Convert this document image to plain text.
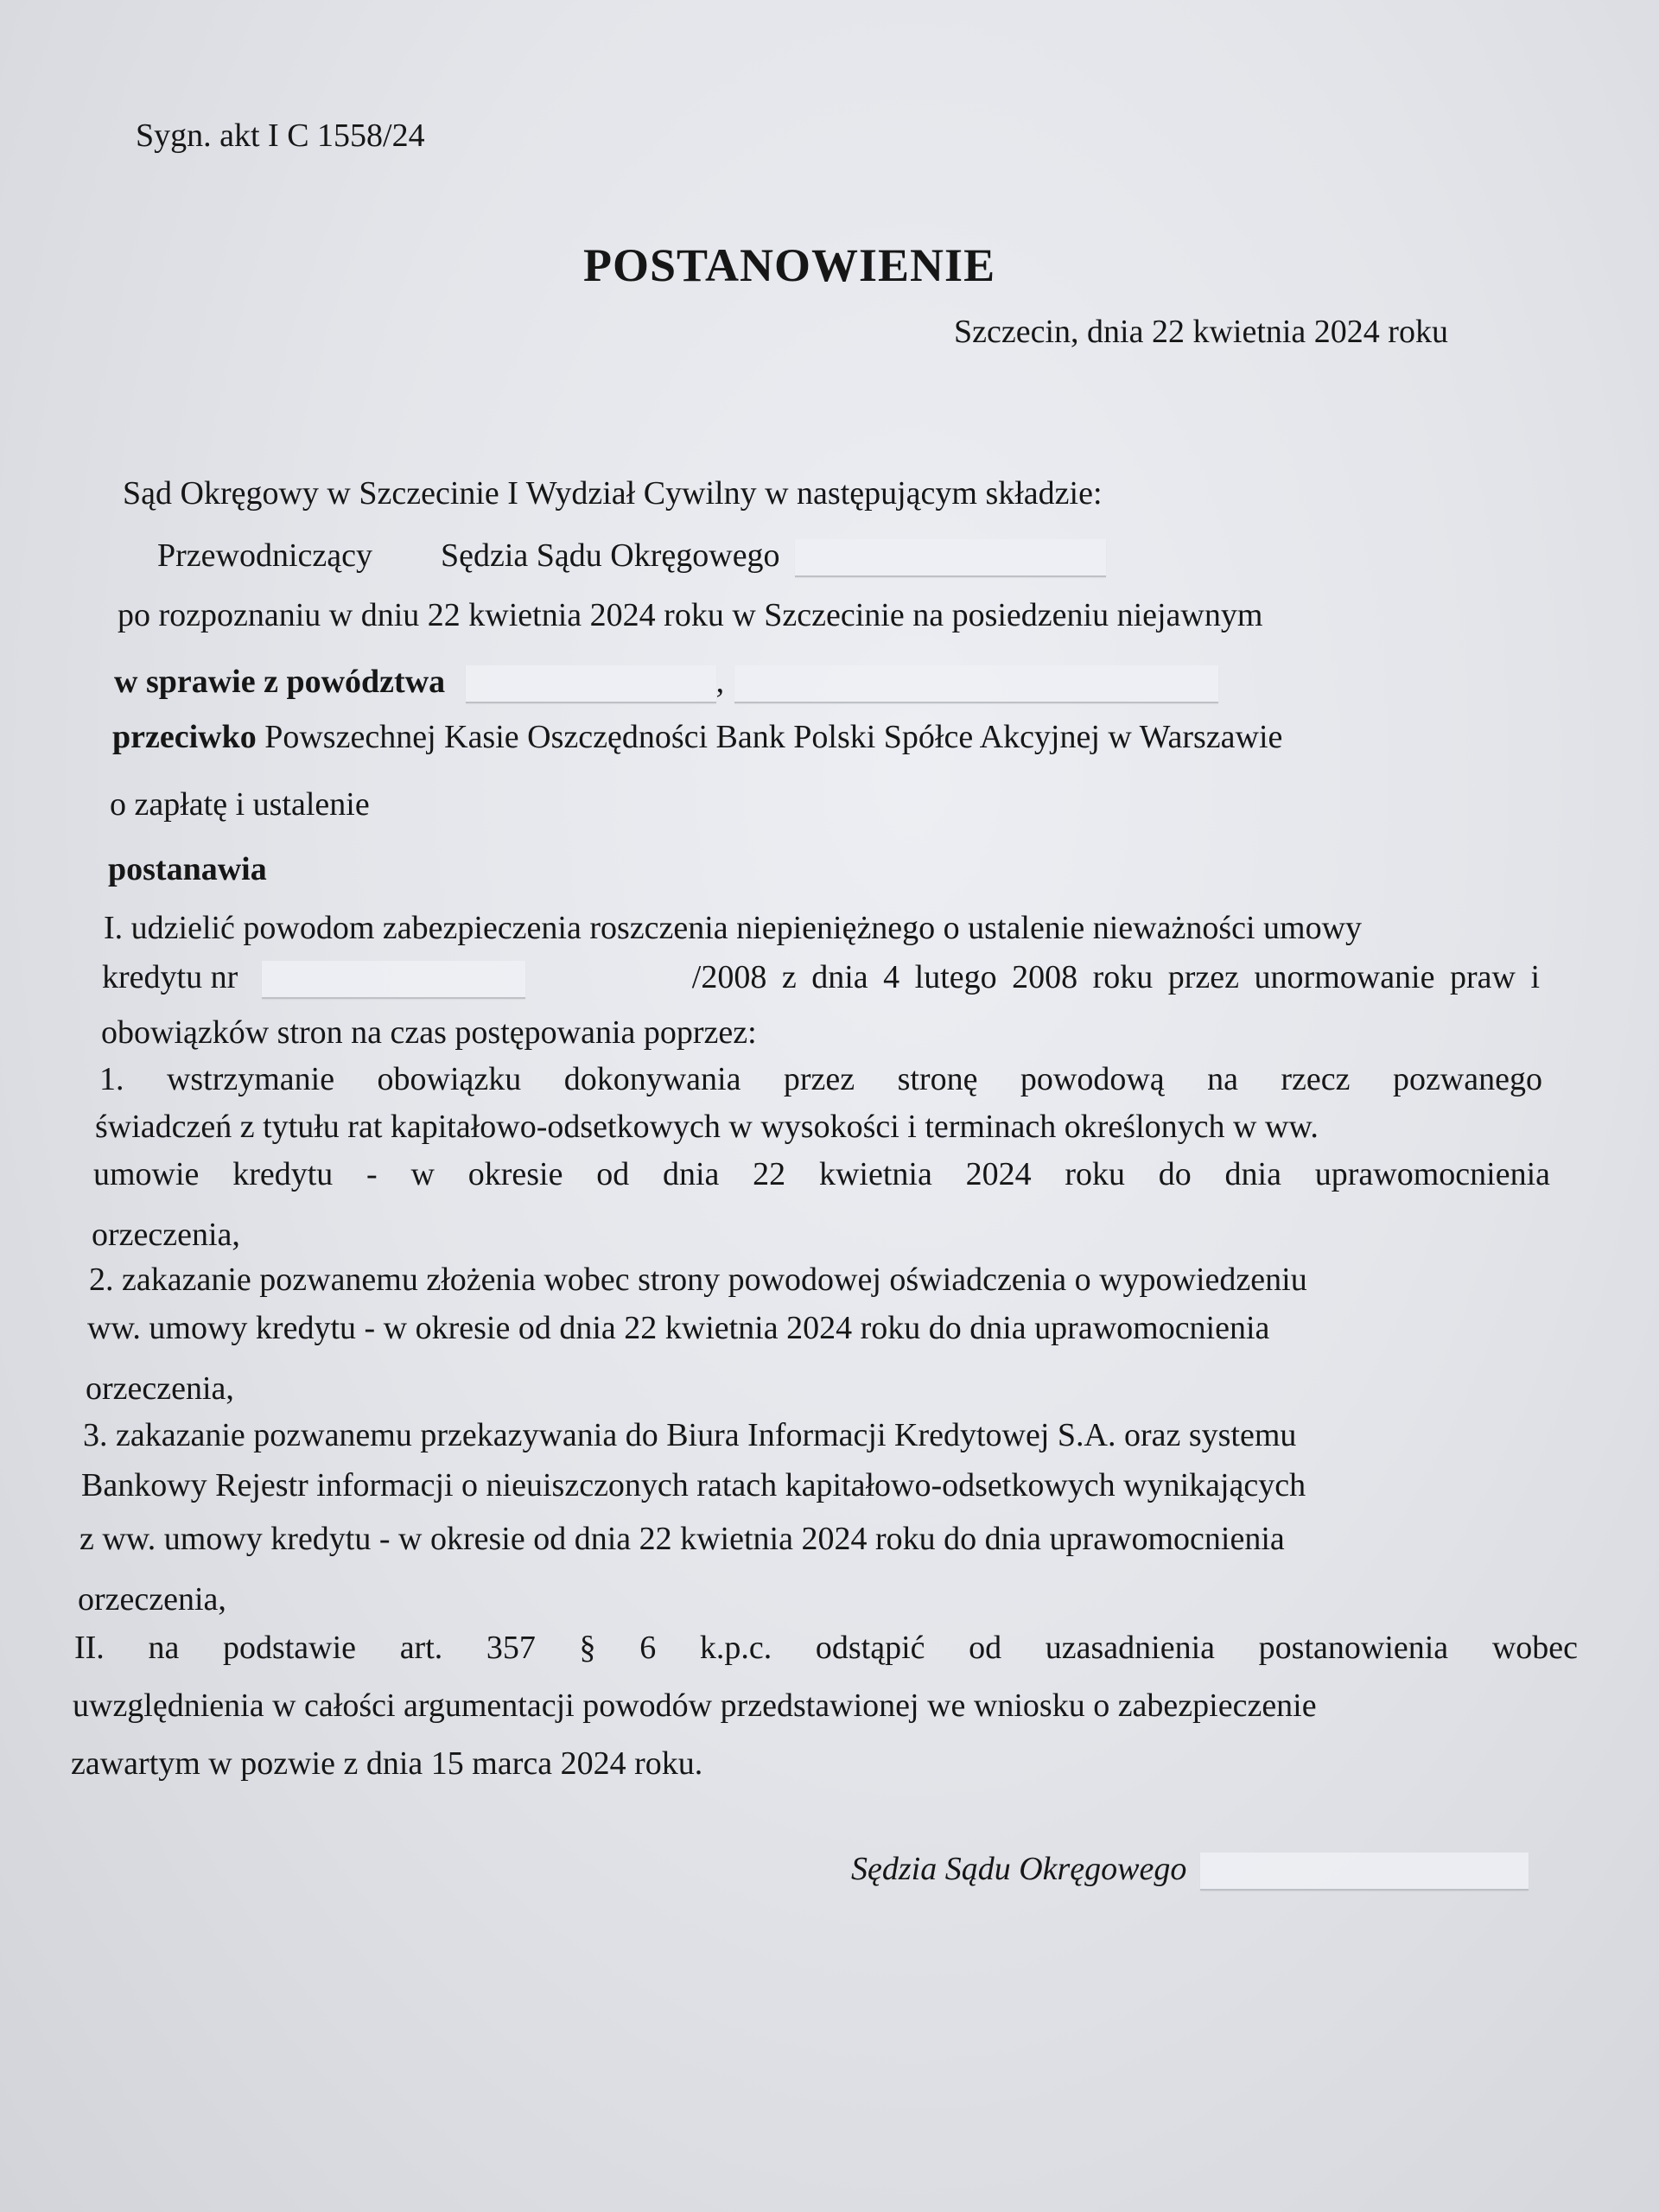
Sygn. akt I C 1558/24
POSTANOWIENIE
Szczecin, dnia 22 kwietnia 2024 roku
Sąd Okręgowy w Szczecinie I Wydział Cywilny w następującym składzie:
Przewodniczący Sędzia Sądu Okręgowego
po rozpoznaniu w dniu 22 kwietnia 2024 roku w Szczecinie na posiedzeniu niejawnym
w sprawie z powództwa	,
przeciwko Powszechnej Kasie Oszczędności Bank Polski Spółce Akcyjnej w Warszawie
o zapłatę i ustalenie
postanawia
I. udzielić powodom zabezpieczenia roszczenia niepieniężnego o ustalenie nieważności umowy
kredytu nr	/2008 z dnia 4 lutego 2008 roku przez unormowanie praw i
obowiązków stron na czas postępowania poprzez:
1. wstrzymanie obowiązku dokonywania przez stronę powodową na rzecz pozwanego
świadczeń z tytułu rat kapitałowo-odsetkowych w wysokości i terminach określonych w ww.
umowie kredytu - w okresie od dnia 22 kwietnia 2024 roku do dnia uprawomocnienia
orzeczenia,
2. zakazanie pozwanemu złożenia wobec strony powodowej oświadczenia o wypowiedzeniu
ww. umowy kredytu - w okresie od dnia 22 kwietnia 2024 roku do dnia uprawomocnienia
orzeczenia,
3. zakazanie pozwanemu przekazywania do Biura Informacji Kredytowej S.A. oraz systemu
Bankowy Rejestr informacji o nieuiszczonych ratach kapitałowo-odsetkowych wynikających
z ww. umowy kredytu - w okresie od dnia 22 kwietnia 2024 roku do dnia uprawomocnienia
orzeczenia,
II. na podstawie art. 357 § 6 k.p.c. odstąpić od uzasadnienia postanowienia wobec
uwzględnienia w całości argumentacji powodów przedstawionej we wniosku o zabezpieczenie
zawartym w pozwie z dnia 15 marca 2024 roku.
Sędzia Sądu Okręgowego
